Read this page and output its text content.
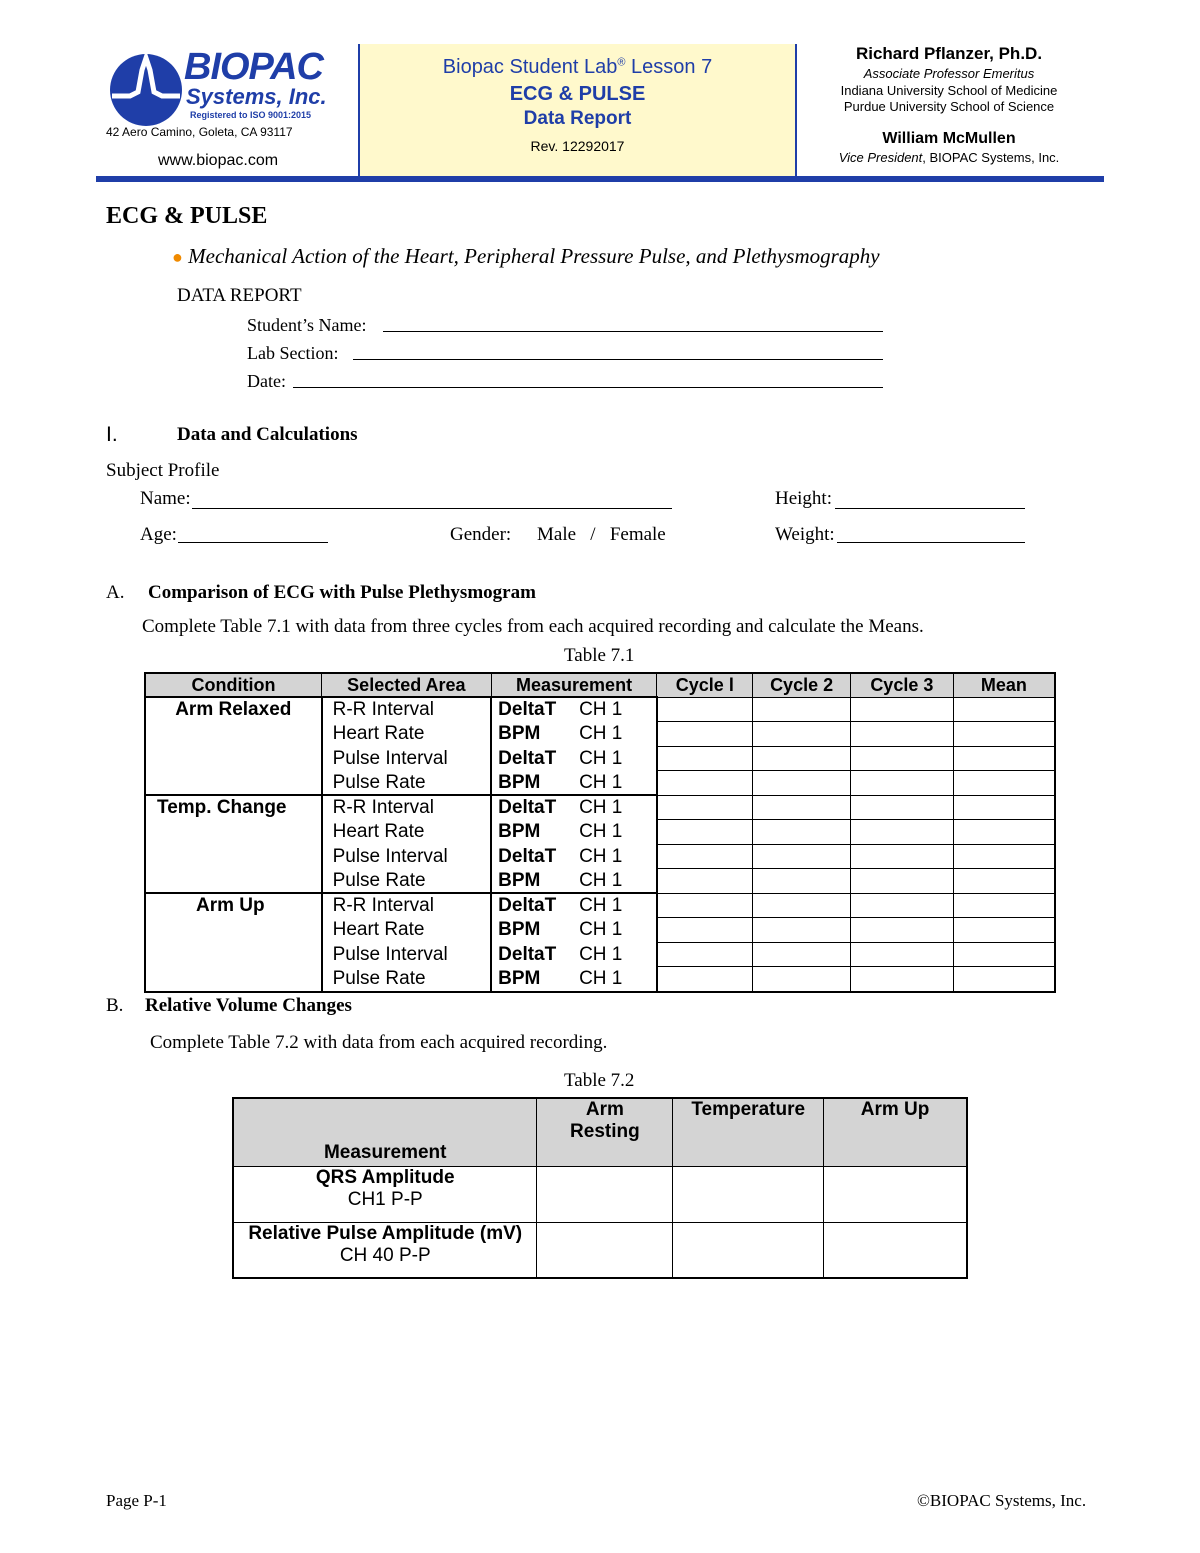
BIOPAC
Systems, Inc.
Registered to ISO 9001:2015
42 Aero Camino, Goleta, CA 93117
www.biopac.com
Biopac Student Lab® Lesson 7
ECG & PULSE
Data Report
Rev. 12292017
Richard Pflanzer, Ph.D.
Associate Professor Emeritus
Indiana University School of Medicine
Purdue University School of Science
William McMullen
Vice President, BIOPAC Systems, Inc.
ECG & PULSE
● Mechanical Action of the Heart, Peripheral Pressure Pulse, and Plethysmography
DATA REPORT
Student’s Name:
Lab Section:
Date:
I.	Data and Calculations
Subject Profile
Name:	Height:
Age:	Gender: Male   /   Female	Weight:
A. Comparison of ECG with Pulse Plethysmogram
Complete Table 7.1 with data from three cycles from each acquired recording and calculate the Means.
Table 7.1
Condition	Selected Area	Measurement		Cycle l	Cycle 2	Cycle 3	Mean
Arm Relaxed	R-R Interval	DeltaT	CH 1				
	Heart Rate	BPM	CH 1				
	Pulse Interval	DeltaT	CH 1				
	Pulse Rate	BPM	CH 1				
Temp. Change	R-R Interval	DeltaT	CH 1				
	Heart Rate	BPM	CH 1				
	Pulse Interval	DeltaT	CH 1				
	Pulse Rate	BPM	CH 1				
Arm Up	R-R Interval	DeltaT	CH 1				
	Heart Rate	BPM	CH 1				
	Pulse Interval	DeltaT	CH 1				
	Pulse Rate	BPM	CH 1				
B. Relative Volume Changes
Complete Table 7.2 with data from each acquired recording.
Table 7.2
Measurement	Arm Resting	Temperature	Arm Up

QRS Amplitude
CH1 P-P			

Relative Pulse Amplitude (mV)
CH 40 P-P			

Page P-1	©BIOPAC Systems, Inc.
